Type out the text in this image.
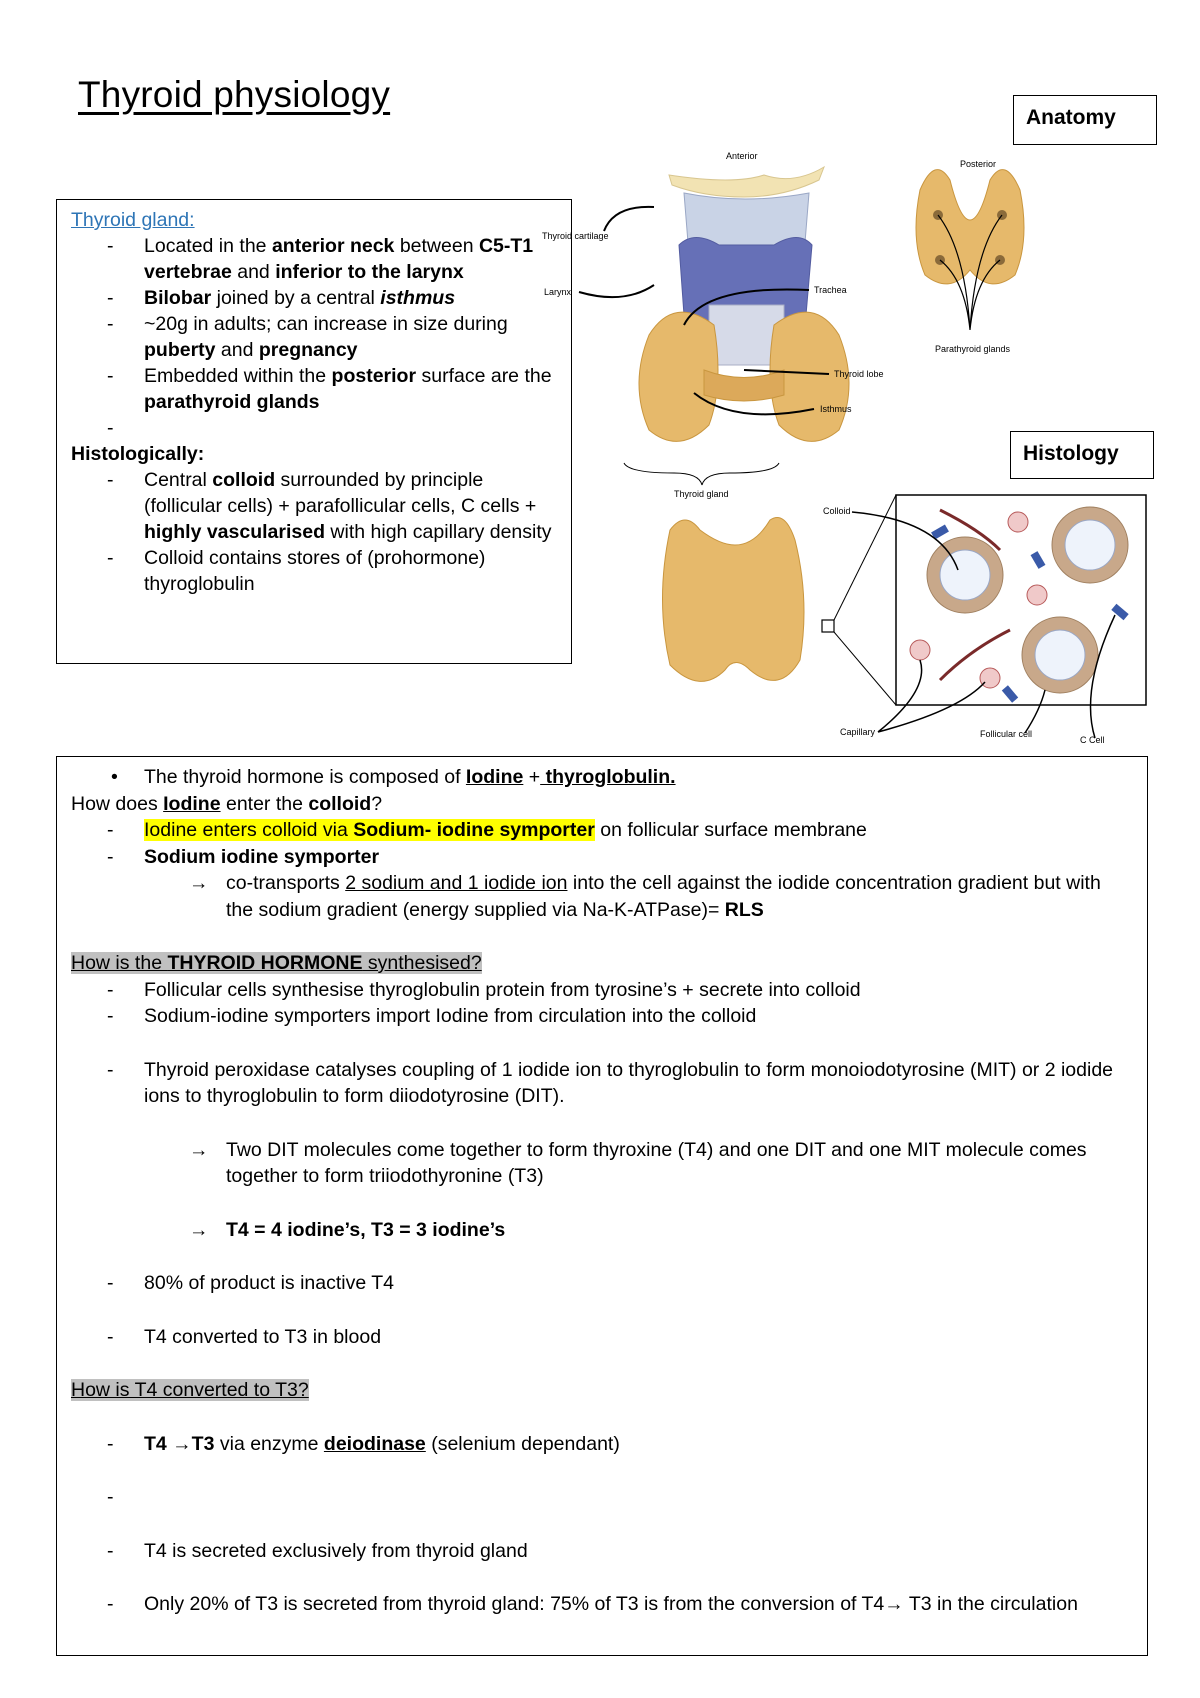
Thyroid physiology
Anatomy
Histology
Anterior
Thyroid cartilage
Larynx	Trachea
Thyroid lobe
Isthmus
Thyroid gland
Posterior
Parathyroid glands
Colloid
Capillary	Follicular cell
C Cell
Thyroid gland:
-	Located in the anterior neck between C5-T1 vertebrae and inferior to the larynx
-	Bilobar joined by a central isthmus
-	~20g in adults; can increase in size during puberty and pregnancy
-	Embedded within the posterior surface are the parathyroid glands
-
Histologically:
-	Central colloid surrounded by principle (follicular cells) + parafollicular cells, C cells + highly vascularised with high capillary density
-	Colloid contains stores of (prohormone) thyroglobulin
•	The thyroid hormone is composed of Iodine + thyroglobulin.
How does Iodine enter the colloid?
-	Iodine enters colloid via Sodium- iodine symporter on follicular surface membrane
-	Sodium iodine symporter
→ co-transports 2 sodium and 1 iodide ion into the cell against the iodide concentration gradient but with the sodium gradient (energy supplied via Na-K-ATPase)= RLS
How is the THYROID HORMONE synthesised?
-	Follicular cells synthesise thyroglobulin protein from tyrosine’s + secrete into colloid
-	Sodium-iodine symporters import Iodine from circulation into the colloid
-	Thyroid peroxidase catalyses coupling of 1 iodide ion to thyroglobulin to form monoiodotyrosine (MIT) or 2 iodide ions to thyroglobulin to form diiodotyrosine (DIT).
→ Two DIT molecules come together to form thyroxine (T4) and one DIT and one MIT molecule comes together to form triiodothyronine (T3)
→ T4 = 4 iodine’s, T3 = 3 iodine’s
-	80% of product is inactive T4
-	T4 converted to T3 in blood
How is T4 converted to T3?
-	T4 →T3 via enzyme deiodinase (selenium dependant)
-
-	T4 is secreted exclusively from thyroid gland
-	Only 20% of T3 is secreted from thyroid gland: 75% of T3 is from the conversion of T4→ T3 in the circulation
